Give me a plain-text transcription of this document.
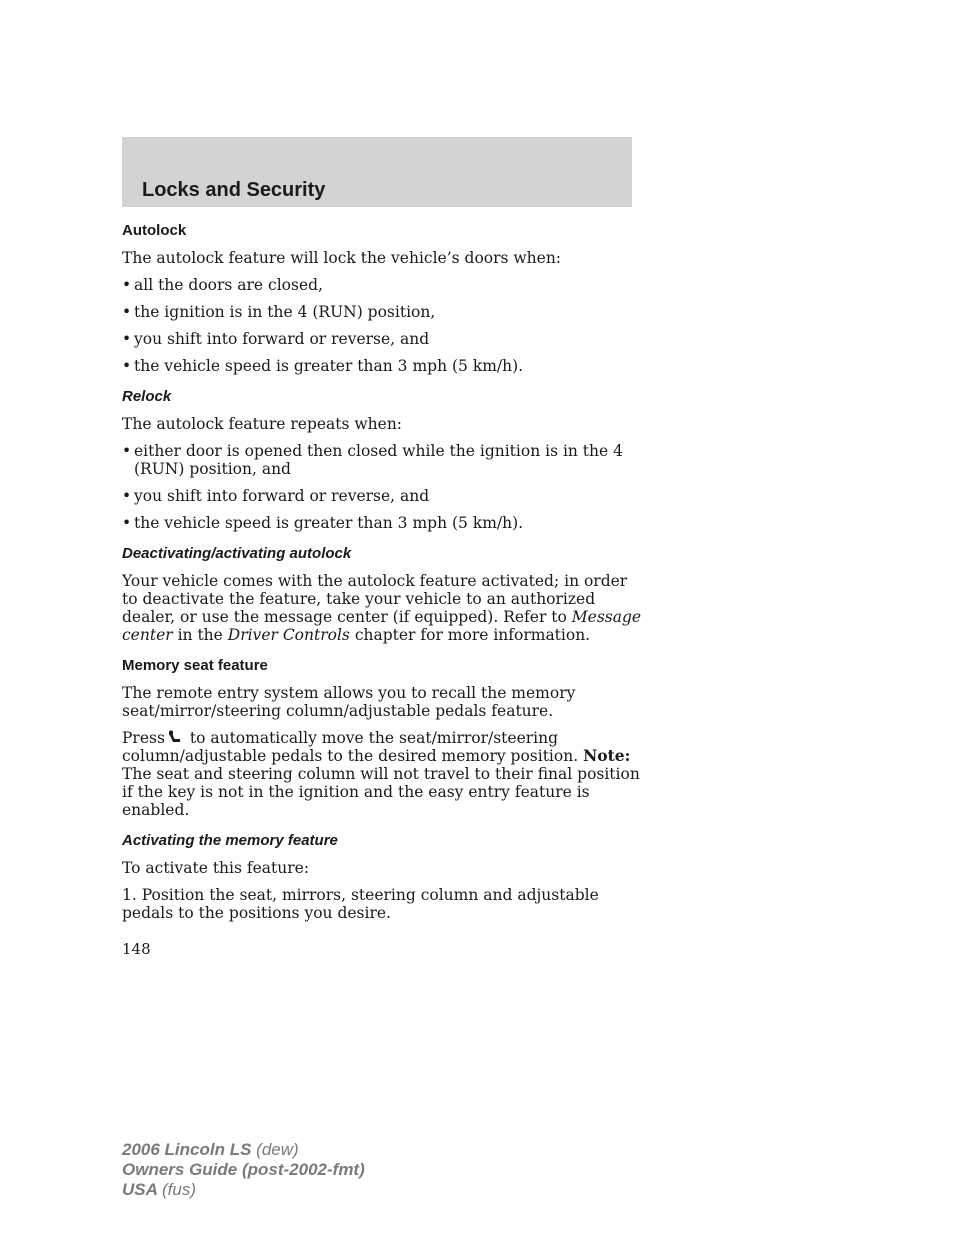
Locks and Security
Autolock

The autolock feature will lock the vehicle’s doors when:

• all the doors are closed,
• the ignition is in the 4 (RUN) position,
• you shift into forward or reverse, and
• the vehicle speed is greater than 3 mph (5 km/h).
Relock

The autolock feature repeats when:

• either door is opened then closed while the ignition is in the 4 (RUN) position, and
• you shift into forward or reverse, and
• the vehicle speed is greater than 3 mph (5 km/h).
Deactivating/activating autolock

Your vehicle comes with the autolock feature activated; in order to deactivate the feature, take your vehicle to an authorized dealer, or use the message center (if equipped). Refer to Message center in the Driver Controls chapter for more information.

Memory seat feature

The remote entry system allows you to recall the memory seat/mirror/steering column/adjustable pedals feature.

Press to automatically move the seat/mirror/steering column/adjustable pedals to the desired memory position. Note: The seat and steering column will not travel to their final position if the key is not in the ignition and the easy entry feature is enabled.

Activating the memory feature

To activate this feature:

1. Position the seat, mirrors, steering column and adjustable pedals to the positions you desire.

148
2006 Lincoln LS (dew)
Owners Guide (post-2002-fmt)
USA (fus)
